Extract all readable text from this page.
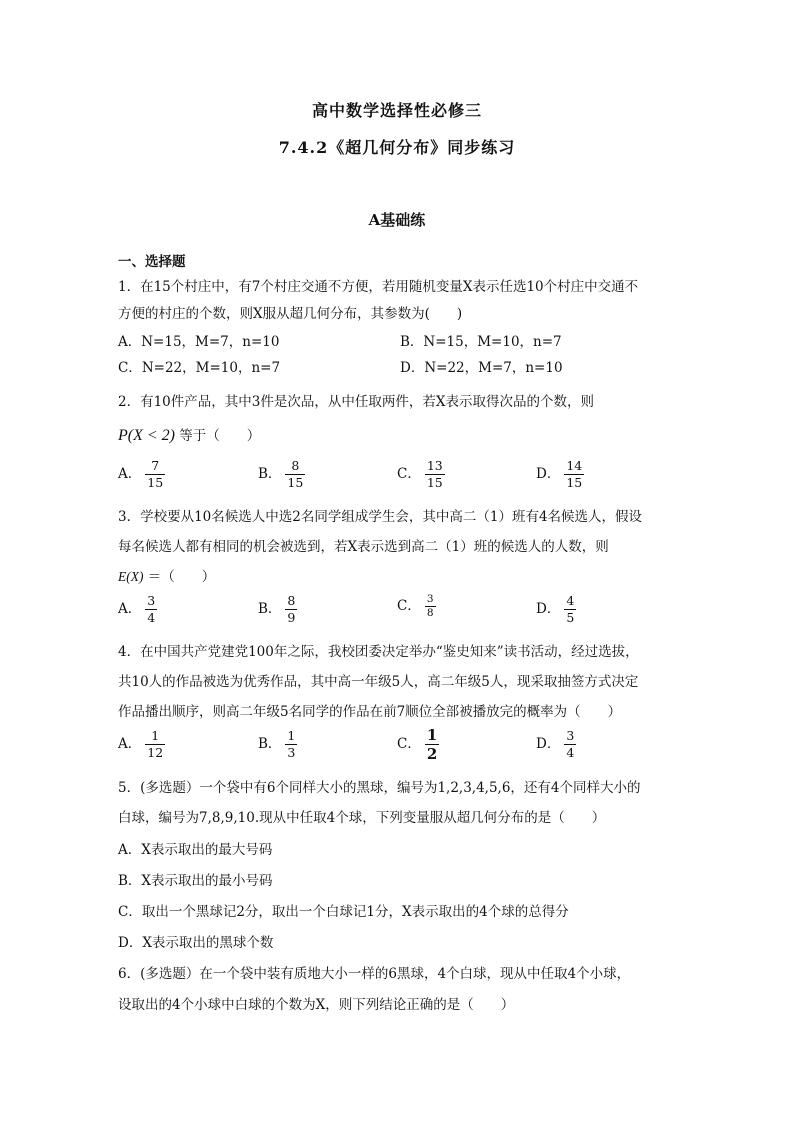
高中数学选择性必修三
7.4.2《超几何分布》同步练习
A基础练
一、选择题
1．在15个村庄中，有7个村庄交通不方便，若用随机变量X表示任选10个村庄中交通不
方便的村庄的个数，则X服从超几何分布，其参数为(　　)
A．N=15，M=7，n=10	B．N=15，M=10，n=7
C．N=22，M=10，n=7	D．N=22，M=7，n=10
2．有10件产品，其中3件是次品，从中任取两件，若X表示取得次品的个数，则
P(X < 2) 等于（　　）
A． $\frac{7}{15}$	B． $\frac{8}{15}$	C． $\frac{13}{15}$	D． $\frac{14}{15}$
3．学校要从10名候选人中选2名同学组成学生会，其中高二（1）班有4名候选人，假设
每名候选人都有相同的机会被选到，若X表示选到高二（1）班的候选人的人数，则
E(X) ＝（　　）
A． $\frac{3}{4}$	B． $\frac{8}{9}$	C． $\frac{3}{8}$	D． $\frac{4}{5}$
4．在中国共产党建党100年之际，我校团委决定举办“鉴史知来”读书活动，经过选拔，
共10人的作品被选为优秀作品，其中高一年级5人，高二年级5人，现采取抽签方式决定
作品播出顺序，则高二年级5名同学的作品在前7顺位全部被播放完的概率为（　　）
A． $\frac{1}{12}$	B． $\frac{1}{3}$	C． $\frac{1}{2}$	D． $\frac{3}{4}$
5．(多选题）一个袋中有6个同样大小的黑球，编号为1,2,3,4,5,6，还有4个同样大小的
白球，编号为7,8,9,10.现从中任取4个球，下列变量服从超几何分布的是（　　）
A．X表示取出的最大号码
B．X表示取出的最小号码
C．取出一个黑球记2分，取出一个白球记1分，X表示取出的4个球的总得分
D．X表示取出的黑球个数
6．(多选题）在一个袋中装有质地大小一样的6黑球，4个白球，现从中任取4个小球，
设取出的4个小球中白球的个数为X，则下列结论正确的是（　　）
